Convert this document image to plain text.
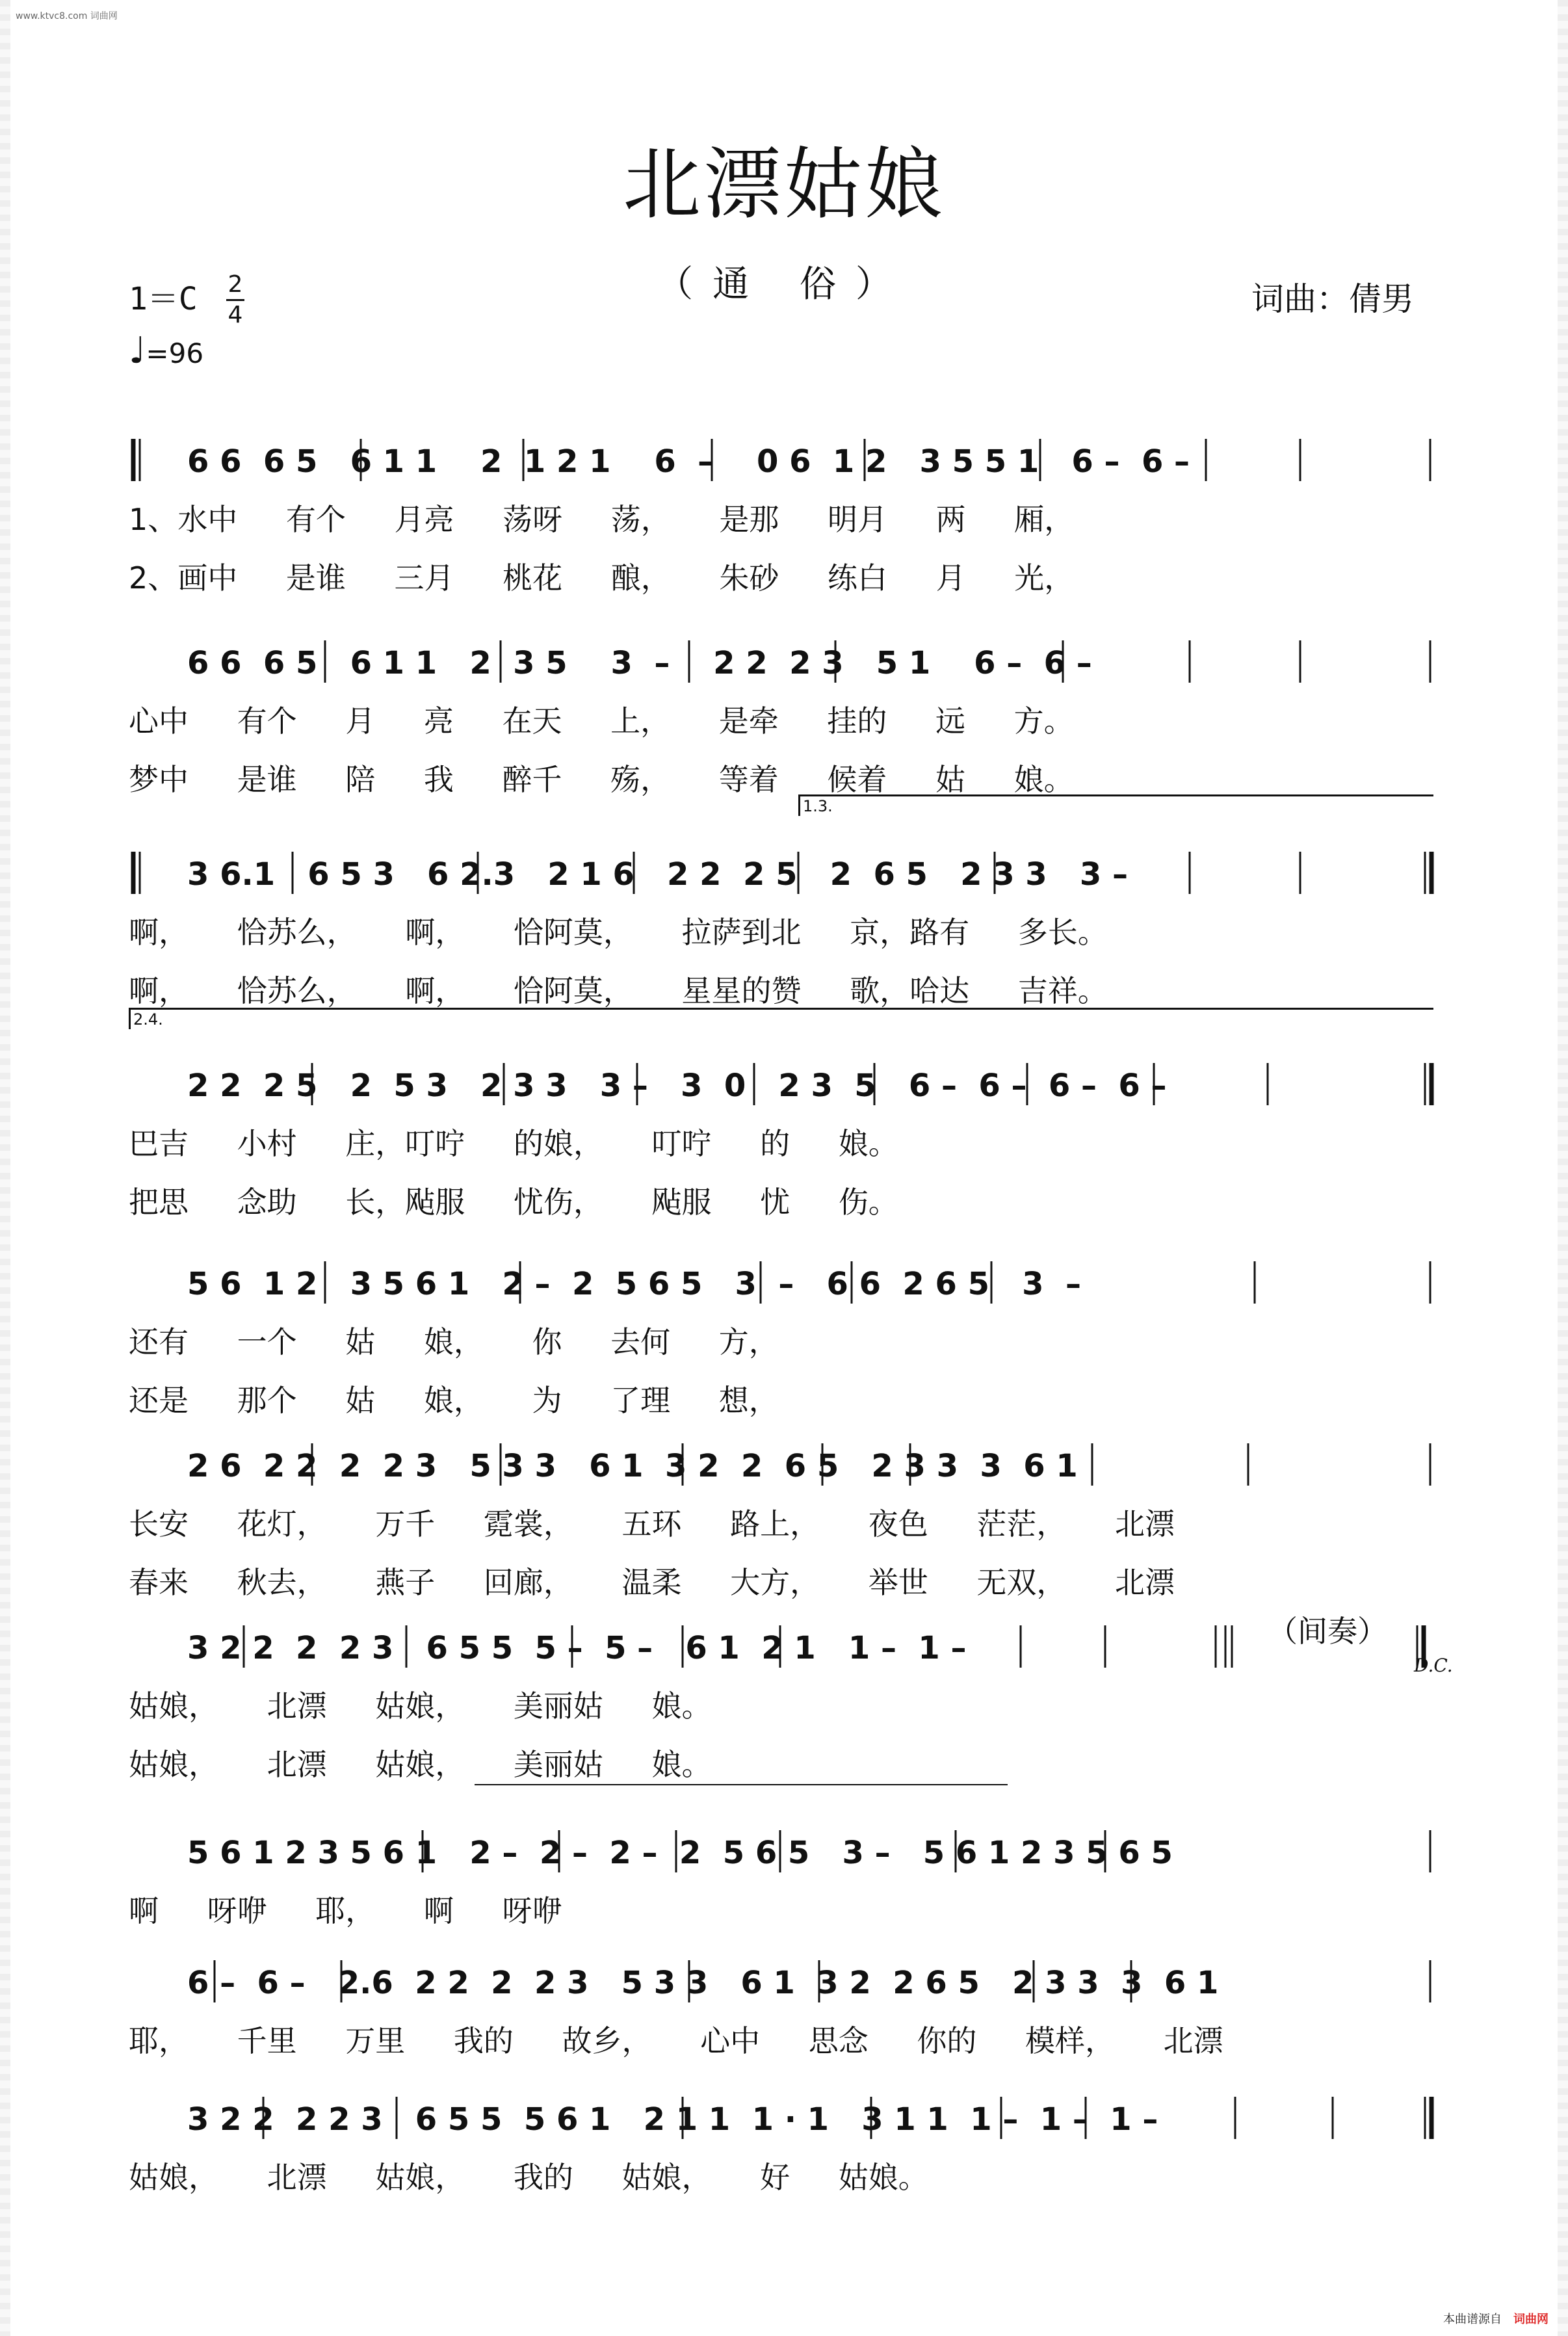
www.ktvc8.com 词曲网
北漂姑娘
（通 俗）
1＝C 2
4
♩=96
词曲：倩男
1.3.
2.4.
6 6  6 5   6 1 1    2  1 2 1    6  –    0 6  1 2   3 5 5 1   6 –  6 –
1、水中 有个 月亮 荡呀 荡， 是那 明月 两 厢，
2、画中 是谁 三月 桃花 酿， 朱砂 练白 月 光，
6 6  6 5   6 1 1   2  3 5    3  –    2 2  2 3   5 1    6 –  6 –
心中 有个 月 亮 在天 上， 是牵 挂的 远 方。
梦中 是谁 陪 我 醉千 殇， 等着 候着 姑 娘。
3 6.1   6 5 3   6 2.3   2 1 6   2 2  2 5   2  6 5   2 3 3   3 –
啊， 恰苏么， 啊， 恰阿莫， 拉萨到北 京，路有 多长。
啊， 恰苏么， 啊， 恰阿莫， 星星的赞 歌，哈达 吉祥。
2 2  2 5   2  5 3   2 3 3   3 –   3  0   2 3  5   6 –  6 –  6 –  6 –
巴吉 小村 庄，叮咛 的娘， 叮咛 的 娘。
把思 念助 长，飐服 忧伤， 飐服 忧 伤。
5 6  1 2   3 5 6 1   2 –  2  5 6 5   3  –   6 6  2 6 5   3  –
还有 一个 姑 娘， 你 去何 方，
还是 那个 姑 娘， 为 了理 想，
2 6  2 2  2  2 3   5 3 3   6 1  3 2  2  6 5   2 3 3  3  6 1
长安 花灯， 万千 霓裳， 五环 路上， 夜色 茫茫， 北漂
春来 秋去， 燕子 回廊， 温柔 大方， 举世 无双， 北漂
3 2 2  2  2 3   6 5 5  5 –  5 –   6 1  2 1   1 –  1 –
姑娘， 北漂 姑娘， 美丽姑 娘。
姑娘， 北漂 姑娘， 美丽姑 娘。
5 6 1 2 3 5 6 1   2 –  2 –  2 –  2  5 6 5   3 –   5 6 1 2 3 5 6 5
啊 呀咿 耶， 啊 呀咿
6 –  6 –   2.6  2 2  2  2 3   5 3 3   6 1  3 2  2 6 5   2 3 3  3  6 1
耶， 千里 万里 我的 故乡， 心中 思念 你的 模样， 北漂
3 2 2  2 2 3   6 5 5  5 6 1   2 1 1  1 · 1   3 1 1  1 –  1 –  1 –
姑娘， 北漂 姑娘， 我的 姑娘， 好 姑娘。
（间奏）
D.C.
本曲谱源自 词曲网
